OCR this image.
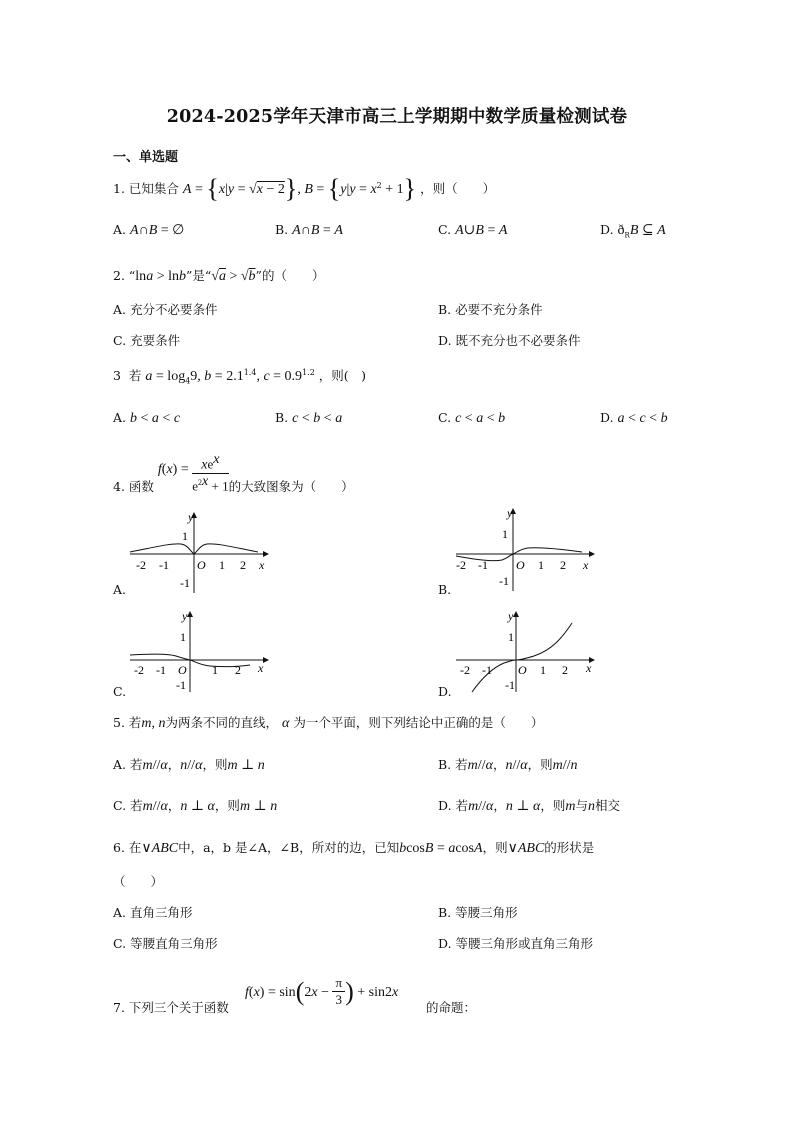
2024-2025学年天津市高三上学期期中数学质量检测试卷
一、单选题
1. 已知集合 A = {x|y = √x − 2}, $B = \{y|y = x^2 + 1\}$ ，则（　　）
A. A∩B = ∅	B. A∩B = A	C. A∪B = A	D. $ð_RB$ ⊆ A
2. “lna > lnb”是“√a > √b”的（　　）
A. 充分不必要条件	B. 必要不充分条件
C. 充要条件	D. 既不充分也不必要条件
3 若 $a = \log_49$, $b = 2.1^{1.4}$, $c = 0.9^{1.2}$ ，则(　)
A. b < a < c	B. c < b < a	C. c < a < b	D. a < c < b
4. 函数 $f(x) = \frac{xe^x}{e^{2x} + 1}$ 的大致图象为（　　）
y
1
-2 -1 O 1 2 x
-1
A.
y
1
-2 -1 O 1 2 x
-1
B.
y
1
-2 -1 O 1 2 x
-1
C.
y
1
-2 -1 O 1 2 x
-1
D.
5. 若m, n为两条不同的直线， α 为一个平面，则下列结论中正确的是（　　）
A. 若m//α，n//α，则m ⊥ n	B. 若m//α，n//α，则m//n
C. 若m//α，n ⊥ α，则m ⊥ n	D. 若m//α，n ⊥ α，则m与n相交
6. 在∨ABC中，a，b 是∠A，∠B，所对的边，已知bcosB = acosA，则∨ABC的形状是
（　　）
A. 直角三角形	B. 等腰三角形
C. 等腰直角三角形	D. 等腰三角形或直角三角形
7. 下列三个关于函数
$f(x) = \sin(2x - \frac{\pi}{3}$ ) + sin2x
的命题：
